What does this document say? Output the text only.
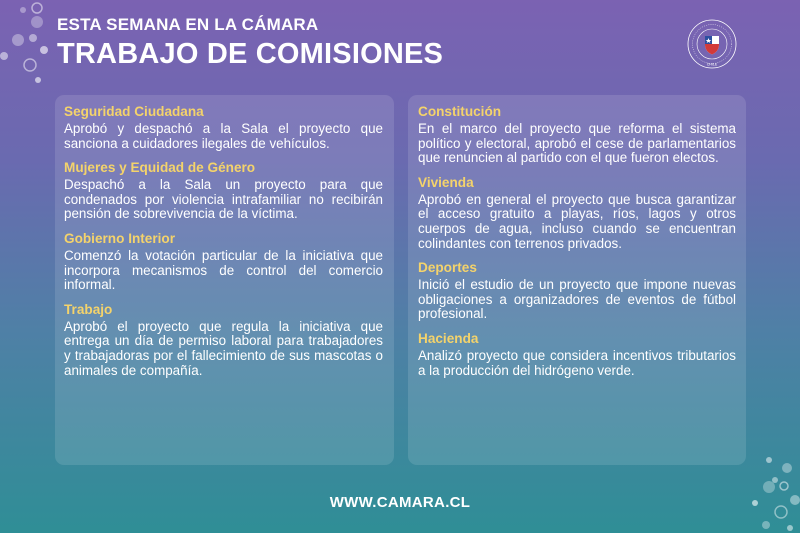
ESTA SEMANA EN LA CÁMARA
TRABAJO DE COMISIONES	CHILE
Seguridad Ciudadana
Aprobó y despachó a la Sala el proyecto que sanciona a cuidadores ilegales de vehículos.
Mujeres y Equidad de Género
Despachó a la Sala un proyecto para que condenados por violencia intrafamiliar no recibirán pensión de sobrevivencia de la víctima.
Gobierno Interior
Comenzó la votación particular de la iniciativa que incorpora mecanismos de control del comercio informal.
Trabajo
Aprobó el proyecto que regula la iniciativa que entrega un día de permiso laboral para trabajadores y trabajadoras por el fallecimiento de sus mascotas o animales de compañía.
Constitución
En el marco del proyecto que reforma el sistema político y electoral, aprobó el cese de parlamentarios que renuncien al partido con el que fueron electos.
Vivienda
Aprobó en general el proyecto que busca garantizar el acceso gratuito a playas, ríos, lagos y otros cuerpos de agua, incluso cuando se encuentran colindantes con terrenos privados.
Deportes
Inició el estudio de un proyecto que impone nuevas obligaciones a organizadores de eventos de fútbol profesional.
Hacienda
Analizó proyecto que considera incentivos tributarios a la producción del hidrógeno verde.
WWW.CAMARA.CL
